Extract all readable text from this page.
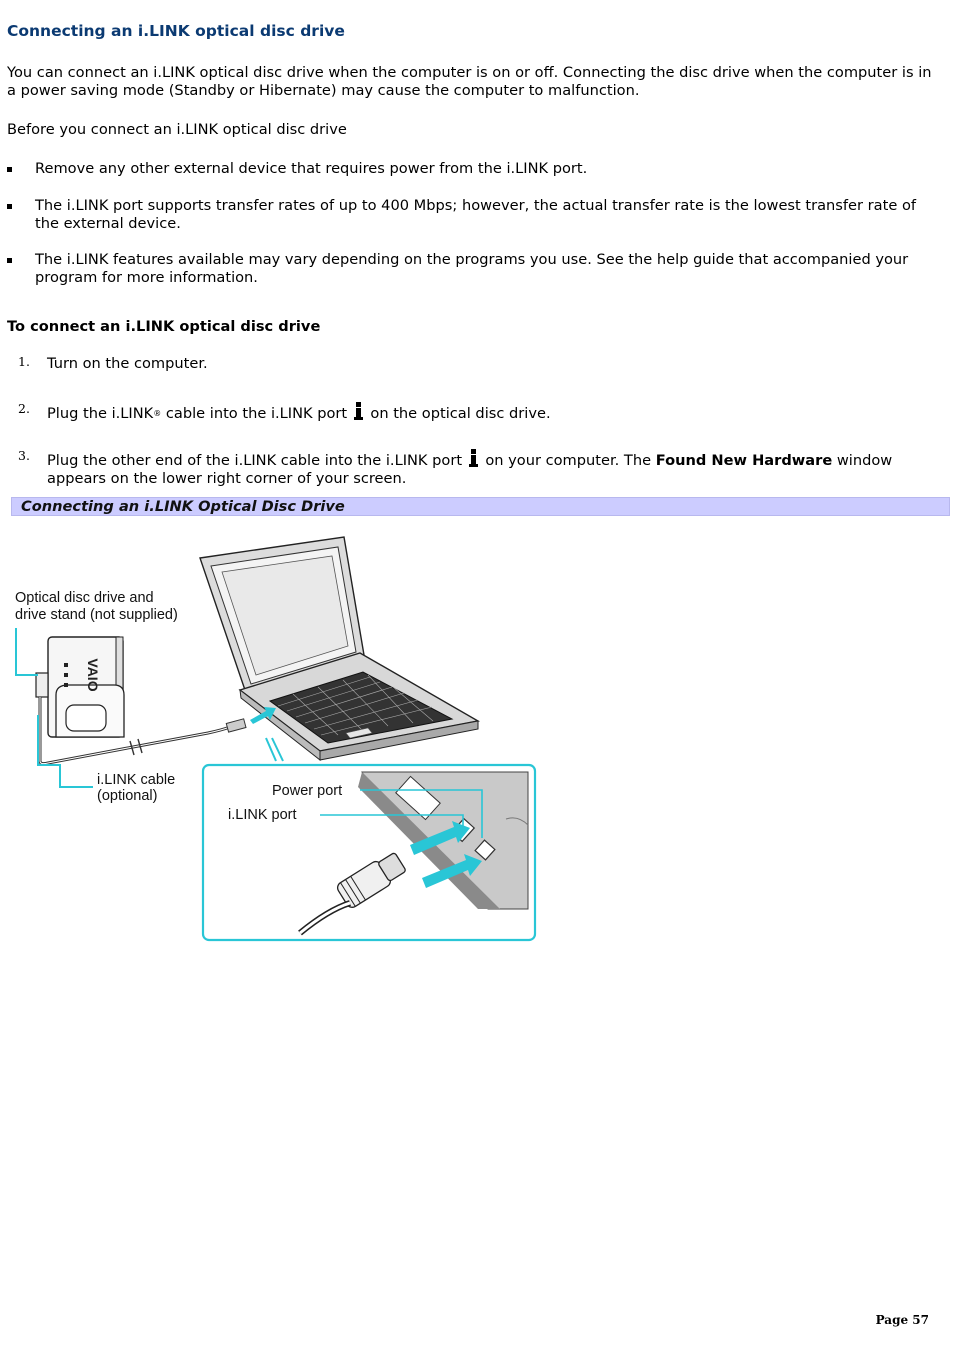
Connecting an i.LINK optical disc drive

You can connect an i.LINK optical disc drive when the computer is on or off. Connecting the disc drive when the computer is in a power saving mode (Standby or Hibernate) may cause the computer to malfunction.

Before you connect an i.LINK optical disc drive

Remove any other external device that requires power from the i.LINK port.
The i.LINK port supports transfer rates of up to 400 Mbps; however, the actual transfer rate is the lowest transfer rate of the external device.
The i.LINK features available may vary depending on the programs you use. See the help guide that accompanied your program for more information.
To connect an i.LINK optical disc drive
1. Turn on the computer.
2. Plug the i.LINK® cable into the i.LINK port  on the optical disc drive.
3. Plug the other end of the i.LINK cable into the i.LINK port  on your computer. The Found New Hardware window appears on the lower right corner of your screen.
Connecting an i.LINK Optical Disc Drive
VAIO
Optical disc drive and
drive stand (not supplied)
i.LINK cable
(optional)	Power port
i.LINK port
Page 57
